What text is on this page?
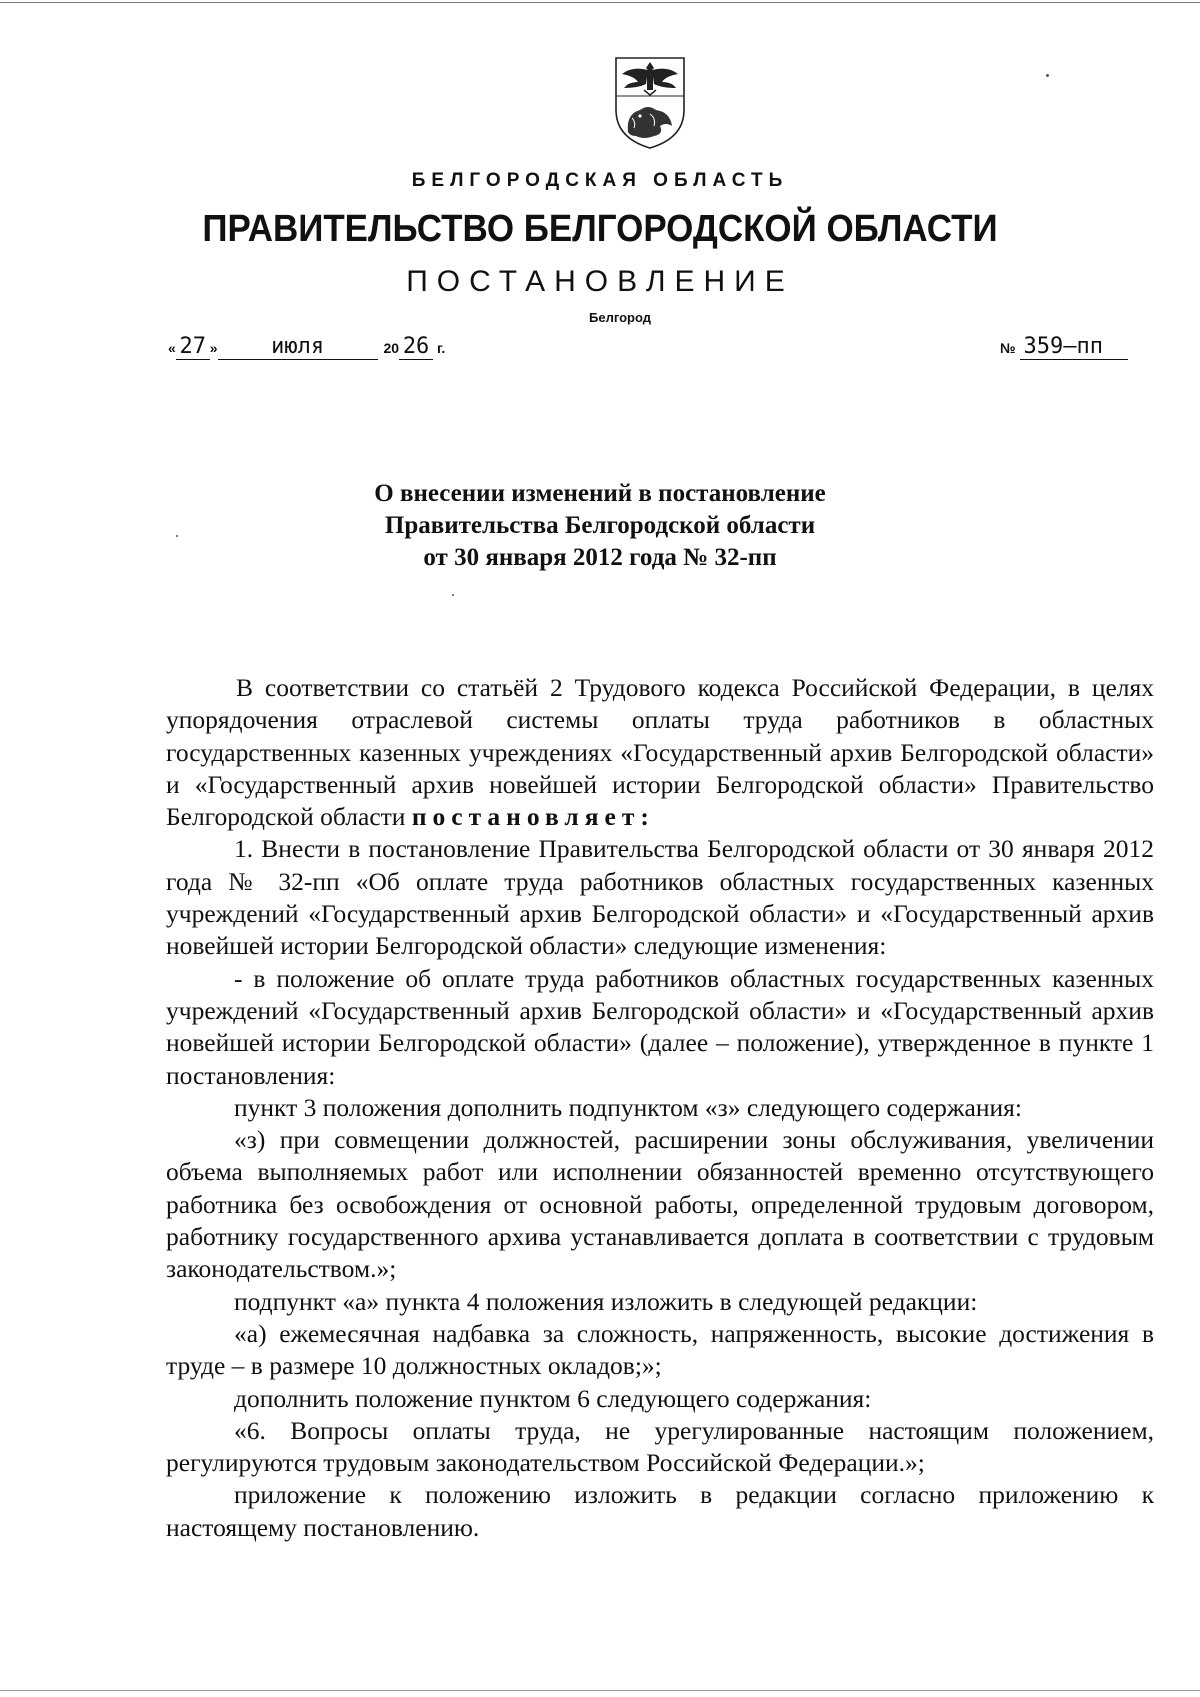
БЕЛГОРОДСКАЯ ОБЛАСТЬ
ПРАВИТЕЛЬСТВО БЕЛГОРОДСКОЙ ОБЛАСТИ
ПОСТАНОВЛЕНИЕ
Белгород
« 27 » июля	20 26 г.	№ 359–пп
О внесении изменений в постановление
Правительства Белгородской области
от 30 января 2012 года № 32-пп

В соответствии со статьёй 2 Трудового кодекса Российской Федерации, в целях упорядочения отраслевой системы оплаты труда работников в областных государственных казенных учреждениях «Государственный архив Белгородской области» и «Государственный архив новейшей истории Белгородской области» Правительство Белгородской области постановляет:

1. Внести в постановление Правительства Белгородской области от 30 января 2012 года № 32-пп «Об оплате труда работников областных государственных казенных учреждений «Государственный архив Белгородской области» и «Государственный архив новейшей истории Белгородской области» следующие изменения:

- в положение об оплате труда работников областных государственных казенных учреждений «Государственный архив Белгородской области» и «Государственный архив новейшей истории Белгородской области» (далее – положение), утвержденное в пункте 1 постановления:

пункт 3 положения дополнить подпунктом «з» следующего содержания:

«з) при совмещении должностей, расширении зоны обслуживания, увеличении объема выполняемых работ или исполнении обязанностей временно отсутствующего работника без освобождения от основной работы, определенной трудовым договором, работнику государственного архива устанавливается доплата в соответствии с трудовым законодательством.»;

подпункт «а» пункта 4 положения изложить в следующей редакции:

«а) ежемесячная надбавка за сложность, напряженность, высокие достижения в труде – в размере 10 должностных окладов;»;

дополнить положение пунктом 6 следующего содержания:

«6. Вопросы оплаты труда, не урегулированные настоящим положением, регулируются трудовым законодательством Российской Федерации.»;

приложение к положению изложить в редакции согласно приложению к настоящему постановлению.
